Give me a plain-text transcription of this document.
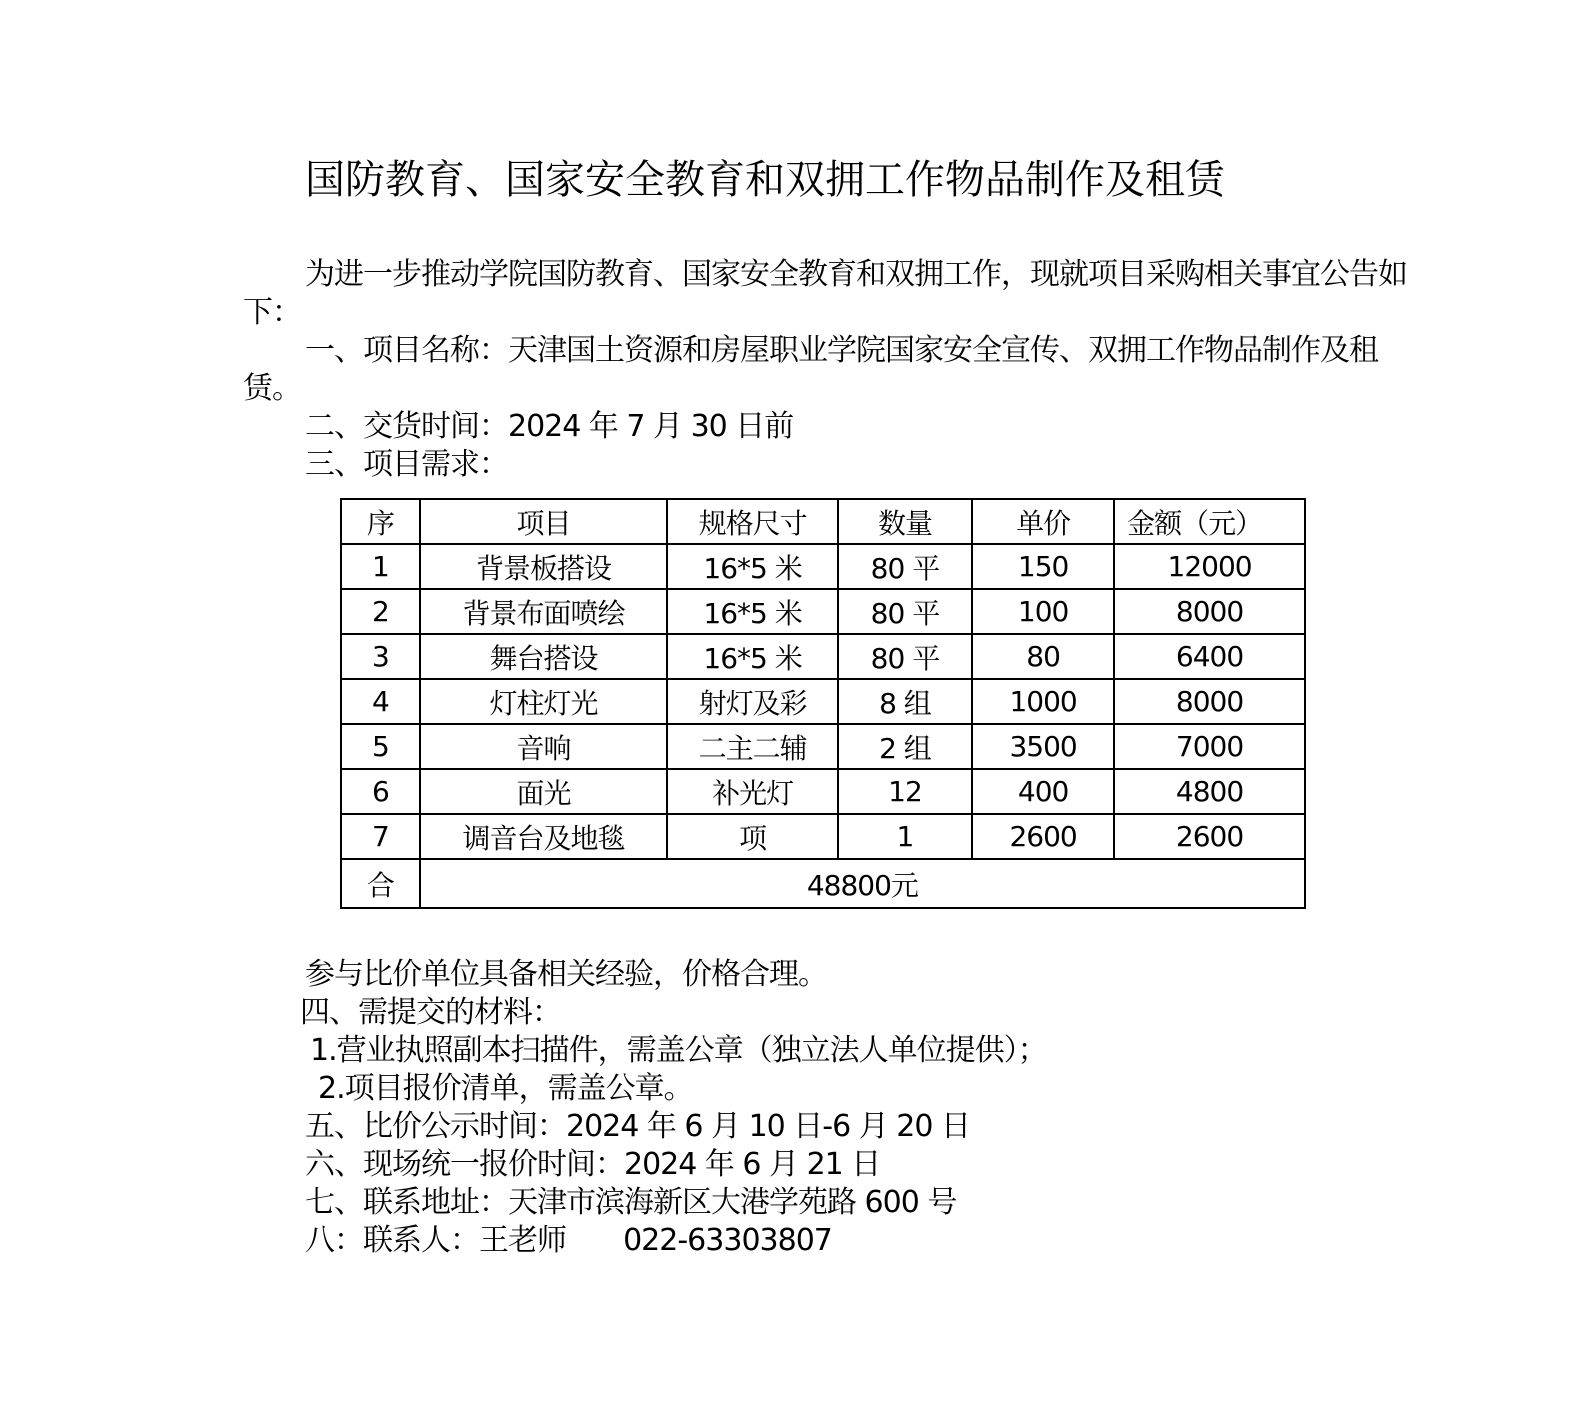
国防教育、国家安全教育和双拥工作物品制作及租赁
为进一步推动学院国防教育、国家安全教育和双拥工作，现就项目采购相关事宜公告如下：
一、项目名称：天津国土资源和房屋职业学院国家安全宣传、双拥工作物品制作及租赁。
二、交货时间：2024 年 7 月 30 日前
三、项目需求：
序	项目	规格尺寸	数量	单价	金额（元）
1	背景板搭设	16*5 米	80 平	150	12000
2	背景布面喷绘	16*5 米	80 平	100	8000
3	舞台搭设	16*5 米	80 平	80	6400
4	灯柱灯光	射灯及彩	8 组	1000	8000
5	音响	二主二辅	2 组	3500	7000
6	面光	补光灯	12	400	4800
7	调音台及地毯	项	1	2600	2600
合	48800元				
参与比价单位具备相关经验，价格合理。
四、需提交的材料：
1.营业执照副本扫描件，需盖公章（独立法人单位提供）；
2.项目报价清单，需盖公章。
五、比价公示时间：2024 年 6 月 10 日-6 月 20 日
六、现场统一报价时间：2024 年 6 月 21 日
七、联系地址：天津市滨海新区大港学苑路 600 号
八：联系人：王老师 022-63303807
